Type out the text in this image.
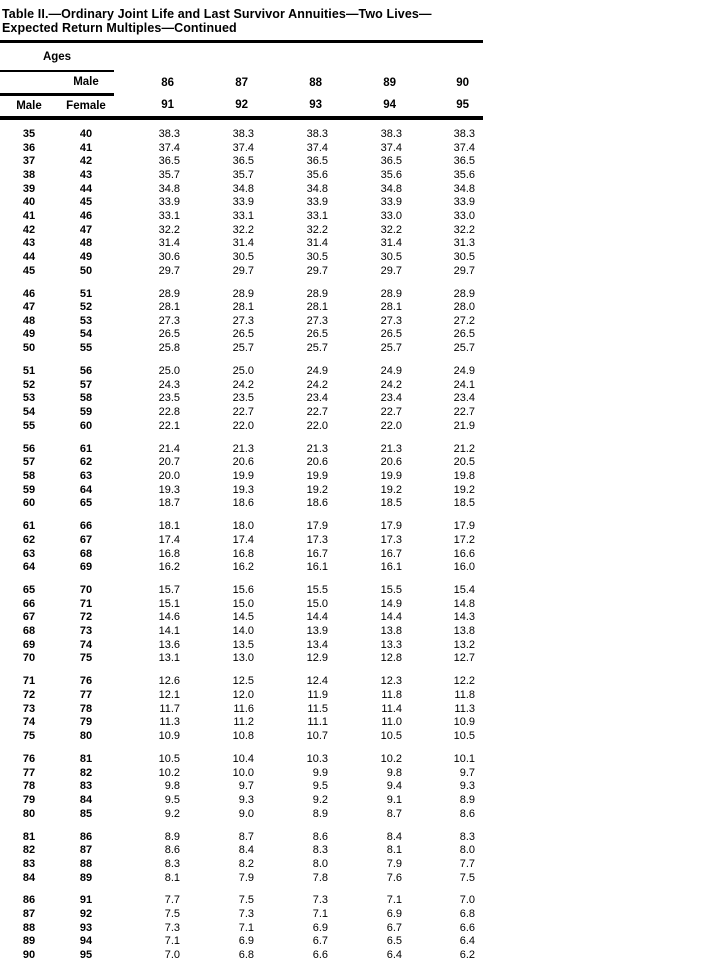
Table II.—Ordinary Joint Life and Last Survivor Annuities—Two Lives—
Expected Return Multiples—Continued
Ages						
	Male	86	87	88	89	90
Male	Female	91	92	93	94	95

35	40	38.3	38.3	38.3	38.3	38.3
36	41	37.4	37.4	37.4	37.4	37.4
37	42	36.5	36.5	36.5	36.5	36.5
38	43	35.7	35.7	35.6	35.6	35.6
39	44	34.8	34.8	34.8	34.8	34.8
40	45	33.9	33.9	33.9	33.9	33.9
41	46	33.1	33.1	33.1	33.0	33.0
42	47	32.2	32.2	32.2	32.2	32.2
43	48	31.4	31.4	31.4	31.4	31.3
44	49	30.6	30.5	30.5	30.5	30.5
45	50	29.7	29.7	29.7	29.7	29.7

46	51	28.9	28.9	28.9	28.9	28.9
47	52	28.1	28.1	28.1	28.1	28.0
48	53	27.3	27.3	27.3	27.3	27.2
49	54	26.5	26.5	26.5	26.5	26.5
50	55	25.8	25.7	25.7	25.7	25.7

51	56	25.0	25.0	24.9	24.9	24.9
52	57	24.3	24.2	24.2	24.2	24.1
53	58	23.5	23.5	23.4	23.4	23.4
54	59	22.8	22.7	22.7	22.7	22.7
55	60	22.1	22.0	22.0	22.0	21.9

56	61	21.4	21.3	21.3	21.3	21.2
57	62	20.7	20.6	20.6	20.6	20.5
58	63	20.0	19.9	19.9	19.9	19.8
59	64	19.3	19.3	19.2	19.2	19.2
60	65	18.7	18.6	18.6	18.5	18.5

61	66	18.1	18.0	17.9	17.9	17.9
62	67	17.4	17.4	17.3	17.3	17.2
63	68	16.8	16.8	16.7	16.7	16.6
64	69	16.2	16.2	16.1	16.1	16.0

65	70	15.7	15.6	15.5	15.5	15.4
66	71	15.1	15.0	15.0	14.9	14.8
67	72	14.6	14.5	14.4	14.4	14.3
68	73	14.1	14.0	13.9	13.8	13.8
69	74	13.6	13.5	13.4	13.3	13.2
70	75	13.1	13.0	12.9	12.8	12.7

71	76	12.6	12.5	12.4	12.3	12.2
72	77	12.1	12.0	11.9	11.8	11.8
73	78	11.7	11.6	11.5	11.4	11.3
74	79	11.3	11.2	11.1	11.0	10.9
75	80	10.9	10.8	10.7	10.5	10.5

76	81	10.5	10.4	10.3	10.2	10.1
77	82	10.2	10.0	9.9	9.8	9.7
78	83	9.8	9.7	9.5	9.4	9.3
79	84	9.5	9.3	9.2	9.1	8.9
80	85	9.2	9.0	8.9	8.7	8.6

81	86	8.9	8.7	8.6	8.4	8.3
82	87	8.6	8.4	8.3	8.1	8.0
83	88	8.3	8.2	8.0	7.9	7.7
84	89	8.1	7.9	7.8	7.6	7.5

86	91	7.7	7.5	7.3	7.1	7.0
87	92	7.5	7.3	7.1	6.9	6.8
88	93	7.3	7.1	6.9	6.7	6.6
89	94	7.1	6.9	6.7	6.5	6.4
90	95	7.0	6.8	6.6	6.4	6.2
